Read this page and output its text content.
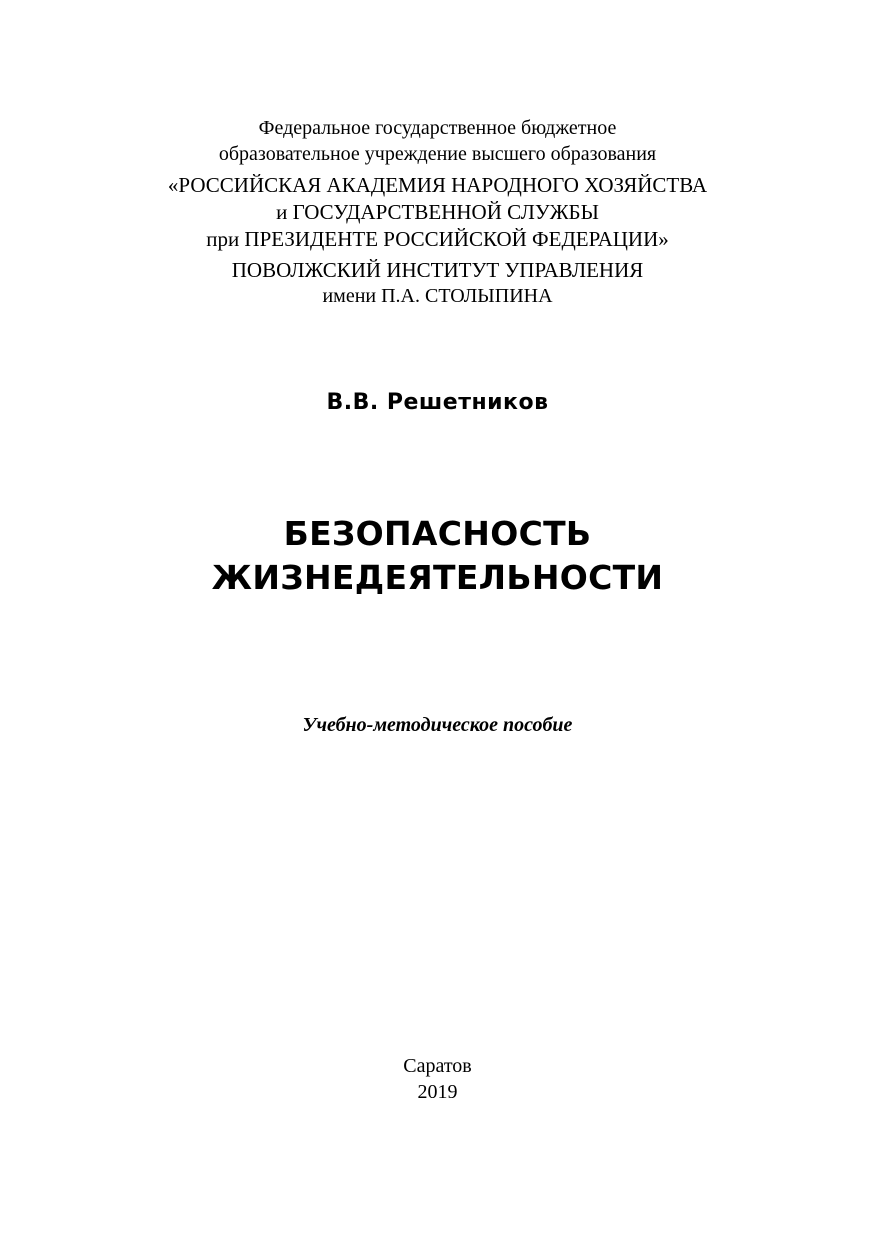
Федеральное государственное бюджетное
образовательное учреждение высшего образования
«РОССИЙСКАЯ АКАДЕМИЯ НАРОДНОГО ХОЗЯЙСТВА
и ГОСУДАРСТВЕННОЙ СЛУЖБЫ
при ПРЕЗИДЕНТЕ РОССИЙСКОЙ ФЕДЕРАЦИИ»
ПОВОЛЖСКИЙ ИНСТИТУТ УПРАВЛЕНИЯ
имени П.А. СТОЛЫПИНА
В.В. Решетников
БЕЗОПАСНОСТЬ
ЖИЗНЕДЕЯТЕЛЬНОСТИ
Учебно-методическое пособие
Саратов
2019
